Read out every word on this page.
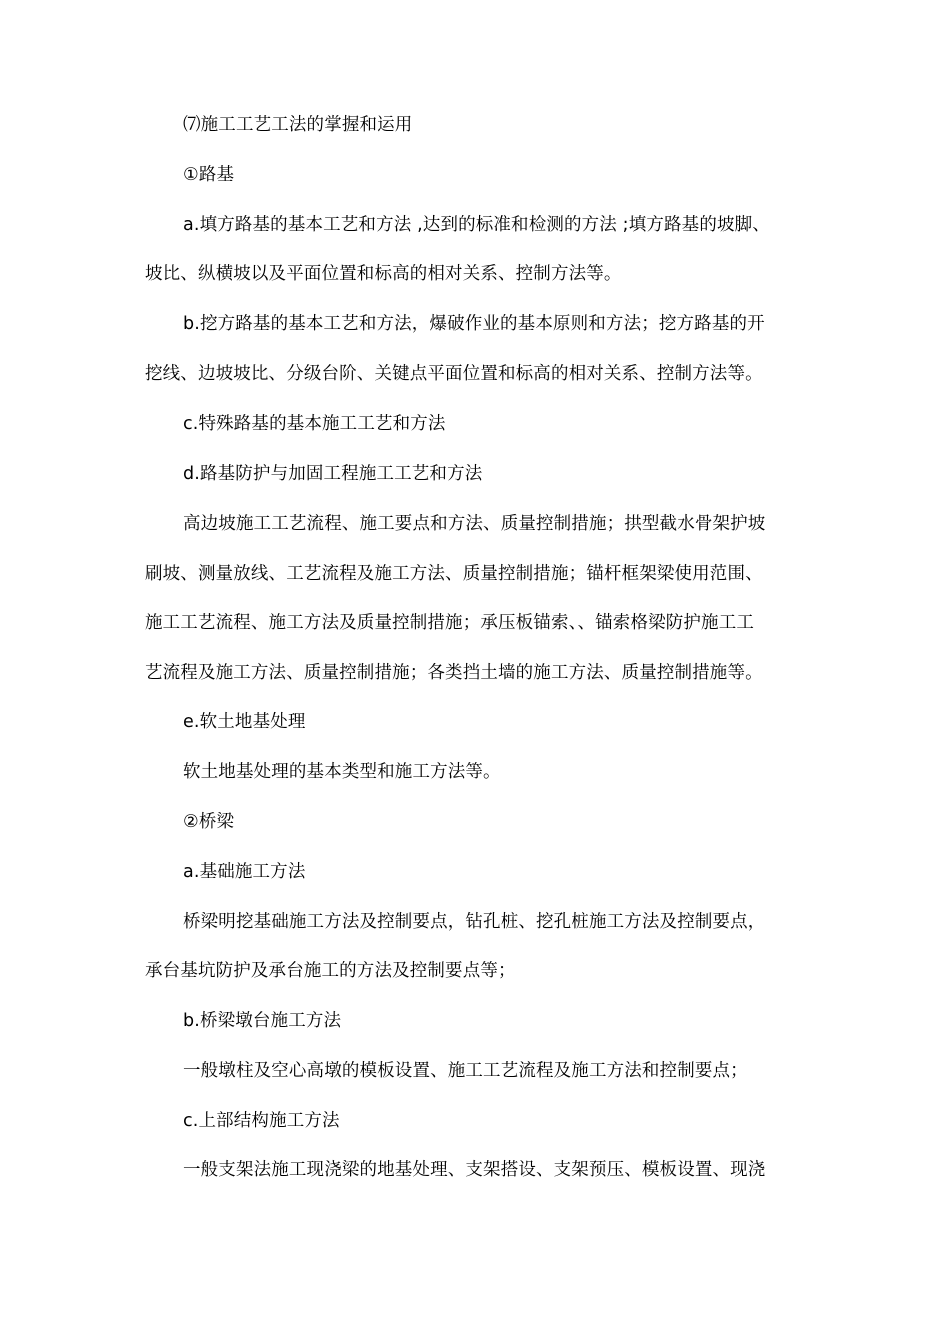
⑺施工工艺工法的掌握和运用
①路基
a.填方路基的基本工艺和方法 ,达到的标准和检测的方法 ;填方路基的坡脚、
坡比、纵横坡以及平面位置和标高的相对关系、控制方法等。
b.挖方路基的基本工艺和方法，爆破作业的基本原则和方法；挖方路基的开
挖线、边坡坡比、分级台阶、关键点平面位置和标高的相对关系、控制方法等。
c.特殊路基的基本施工工艺和方法
d.路基防护与加固工程施工工艺和方法
高边坡施工工艺流程、施工要点和方法、质量控制措施；拱型截水骨架护坡
刷坡、测量放线、工艺流程及施工方法、质量控制措施；锚杆框架梁使用范围、
施工工艺流程、施工方法及质量控制措施；承压板锚索、、锚索格梁防护施工工
艺流程及施工方法、质量控制措施；各类挡土墙的施工方法、质量控制措施等。
e.软土地基处理
软土地基处理的基本类型和施工方法等。
②桥梁
a.基础施工方法
桥梁明挖基础施工方法及控制要点，钻孔桩、挖孔桩施工方法及控制要点，
承台基坑防护及承台施工的方法及控制要点等；
b.桥梁墩台施工方法
一般墩柱及空心高墩的模板设置、施工工艺流程及施工方法和控制要点；
c.上部结构施工方法
一般支架法施工现浇梁的地基处理、支架搭设、支架预压、模板设置、现浇
